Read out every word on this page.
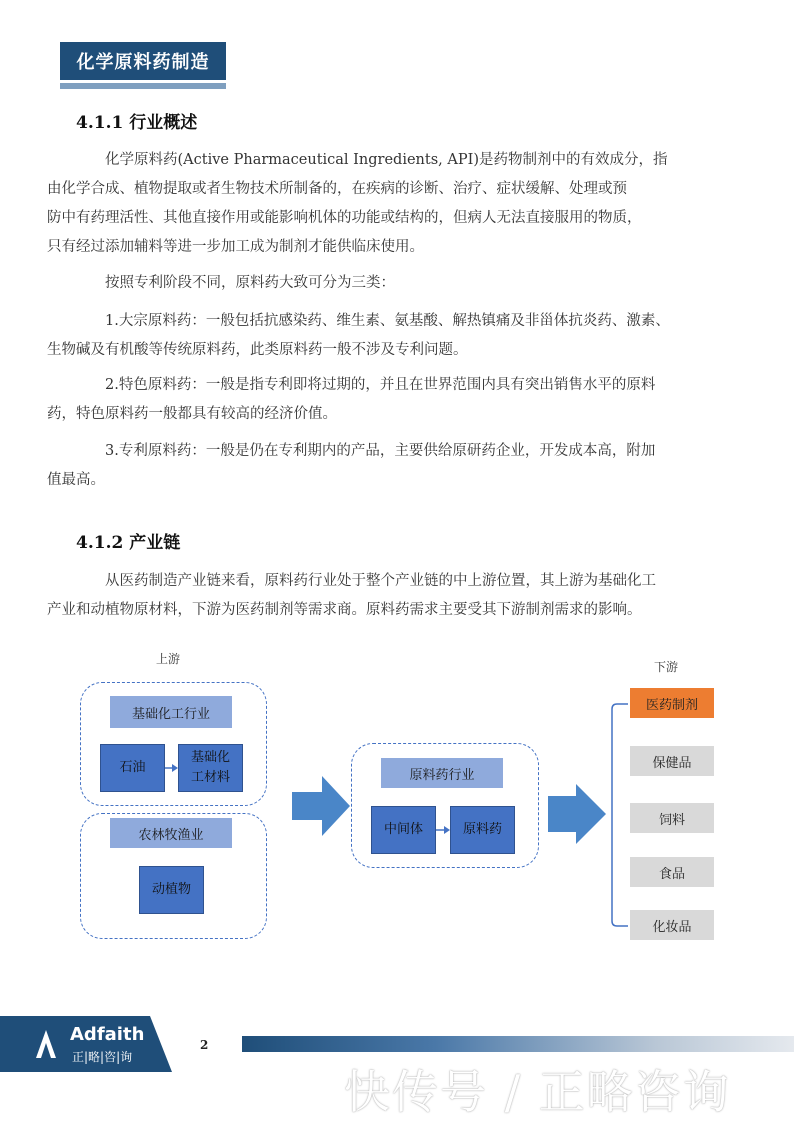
化学原料药制造
4.1.1 行业概述

化学原料药(Active Pharmaceutical Ingredients, API)是药物制剂中的有效成分，指
由化学合成、植物提取或者生物技术所制备的，在疾病的诊断、治疗、症状缓解、处理或预
防中有药理活性、其他直接作用或能影响机体的功能或结构的，但病人无法直接服用的物质，
只有经过添加辅料等进一步加工成为制剂才能供临床使用。

按照专利阶段不同，原料药大致可分为三类：

1.大宗原料药：一般包括抗感染药、维生素、氨基酸、解热镇痛及非甾体抗炎药、激素、
生物碱及有机酸等传统原料药，此类原料药一般不涉及专利问题。

2.特色原料药：一般是指专利即将过期的，并且在世界范围内具有突出销售水平的原料
药，特色原料药一般都具有较高的经济价值。

3.专利原料药：一般是仍在专利期内的产品，主要供给原研药企业，开发成本高，附加
值最高。

4.1.2 产业链

从医药制造产业链来看，原料药行业处于整个产业链的中上游位置，其上游为基础化工
产业和动植物原材料，下游为医药制剂等需求商。原料药需求主要受其下游制剂需求的影响。

上游
下游
基础化工行业
石油
基础化
工材料
农林牧渔业
动植物
原料药行业
中间体	原料药
医药制剂
保健品
饲料
食品
化妆品
Adfaith
正|略|咨|询
2
快传号 / 正略咨询
